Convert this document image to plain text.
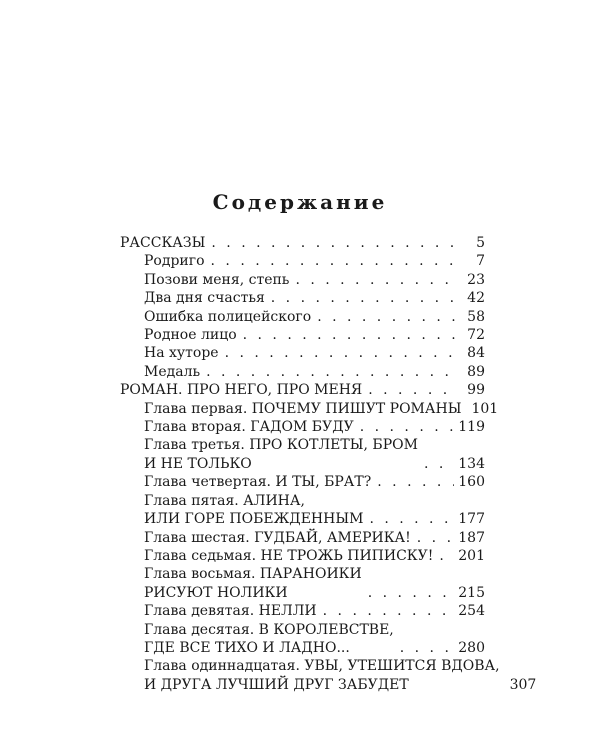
Содержание
РАССКАЗЫ . . .	5
Родриго . . .	7
Позови меня, степь . . .	23
Два дня счастья . . .	42
Ошибка полицейского . . .	58
Родное лицо . . .	72
На хуторе . . .	84
Медаль . . .	89
РОМАН. ПРО НЕГО, ПРО МЕНЯ . . .	99
Глава первая. ПОЧЕМУ ПИШУТ РОМАНЫ 101
Глава вторая. ГАДОМ БУДУ . . .	119
Глава третья. ПРО КОТЛЕТЫ, БРОМ
И НЕ ТОЛЬКО . . .	134
Глава четвертая. И ТЫ, БРАТ? . . .	160
Глава пятая. АЛИНА,
ИЛИ ГОРЕ ПОБЕЖДЕННЫМ . . .	177
Глава шестая. ГУДБАЙ, АМЕРИКА! . . .	187
Глава седьмая. НЕ ТРОЖЬ ПИПИСКУ! . . . 201
Глава восьмая. ПАРАНОИКИ
РИСУЮТ НОЛИКИ . . .	215
Глава девятая. НЕЛЛИ . . .	254
Глава десятая. В КОРОЛЕВСТВЕ,
ГДЕ ВСЕ ТИХО И ЛАДНО... . . .	280
Глава одиннадцатая. УВЫ, УТЕШИТСЯ ВДОВА,
И ДРУГА ЛУЧШИЙ ДРУГ ЗАБУДЕТ	307
